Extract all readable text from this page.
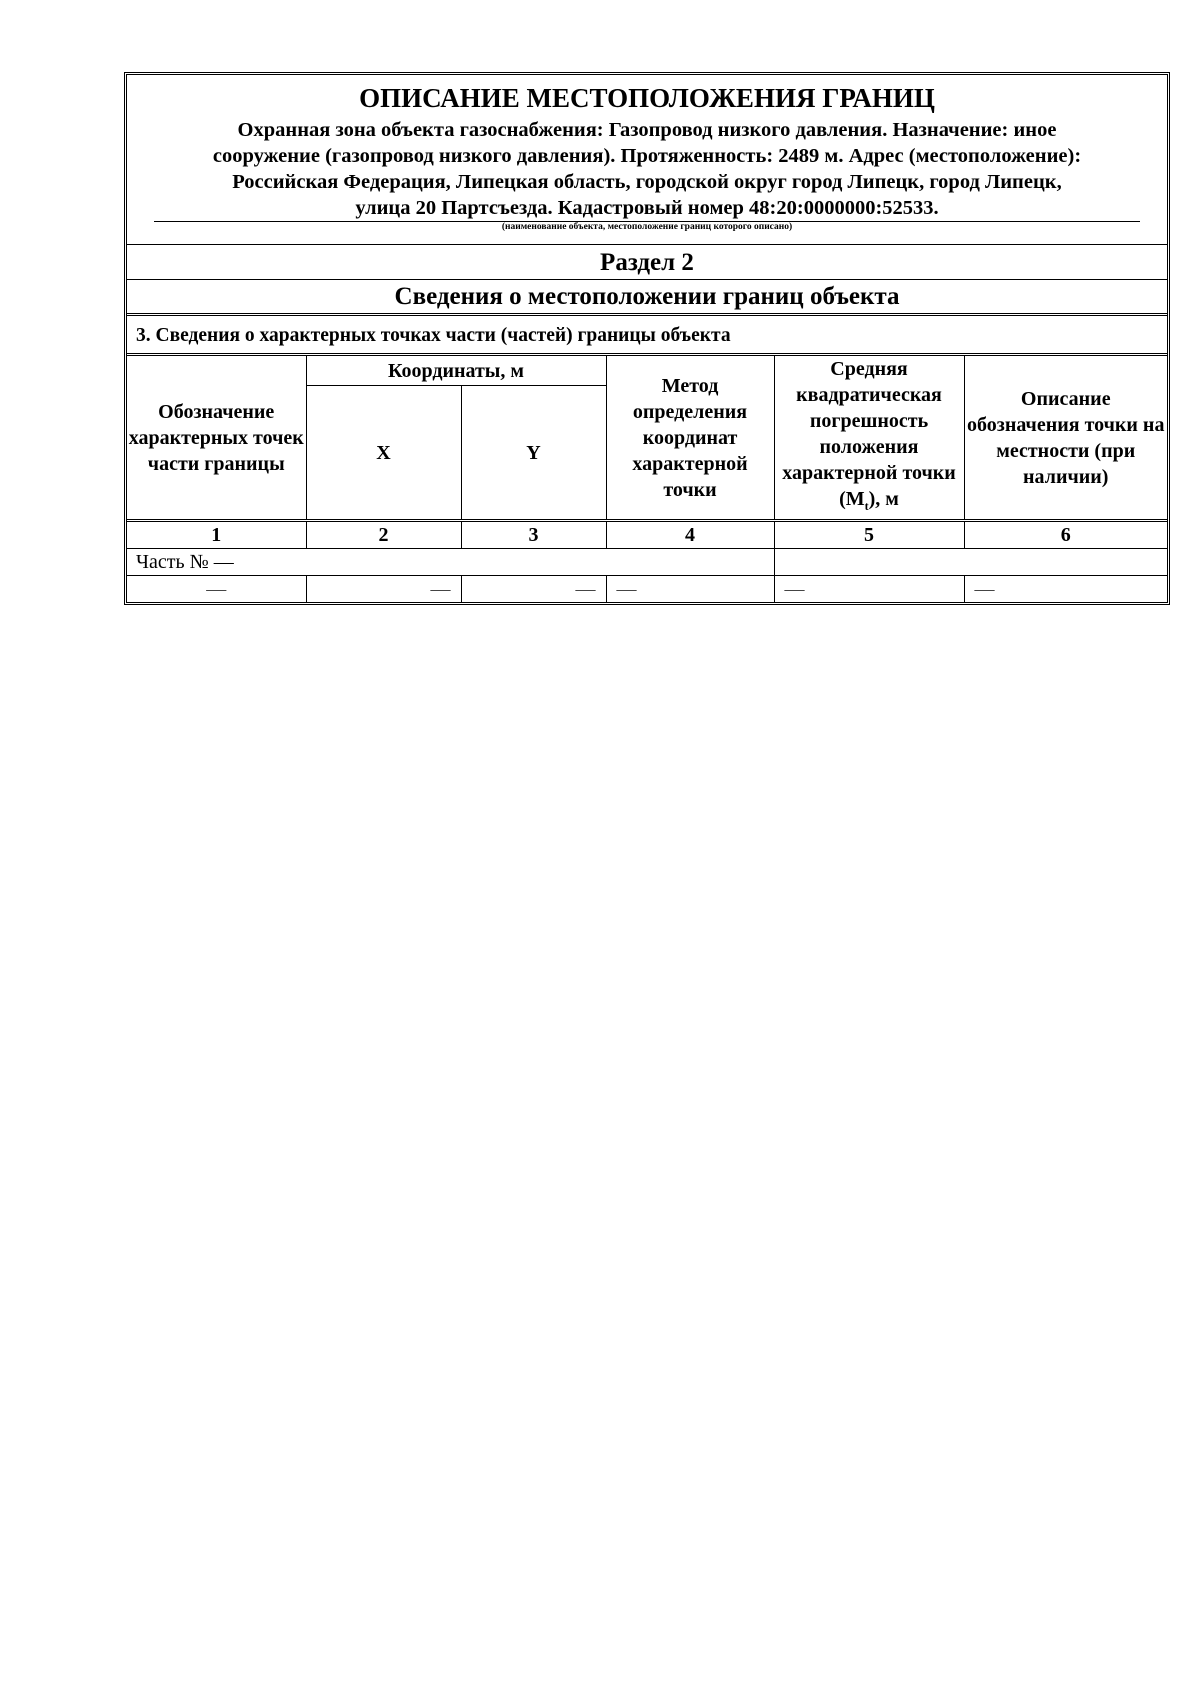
ОПИСАНИЕ МЕСТОПОЛОЖЕНИЯ ГРАНИЦ
Охранная зона объекта газоснабжения: Газопровод низкого давления. Назначение: иное
сооружение (газопровод низкого давления). Протяженность: 2489 м. Адрес (местоположение):
Российская Федерация, Липецкая область, городской округ город Липецк, город Липецк,
улица 20 Партсъезда. Кадастровый номер 48:20:0000000:52533.
(наименование объекта, местоположение границ которого описано)
Раздел 2
Сведения о местоположении границ объекта
3. Сведения о характерных точках части (частей) границы объекта
Обозначение характерных точек части границы	Координаты, м		Метод определения координат характерной точки	Средняя квадратическая погрешность положения характерной точки $(M_t)$, м	Описание обозначения точки на местности (при наличии)
	X	Y			
1	2	3	4	5	6
Часть № —					
—	—	—	—	—	—
